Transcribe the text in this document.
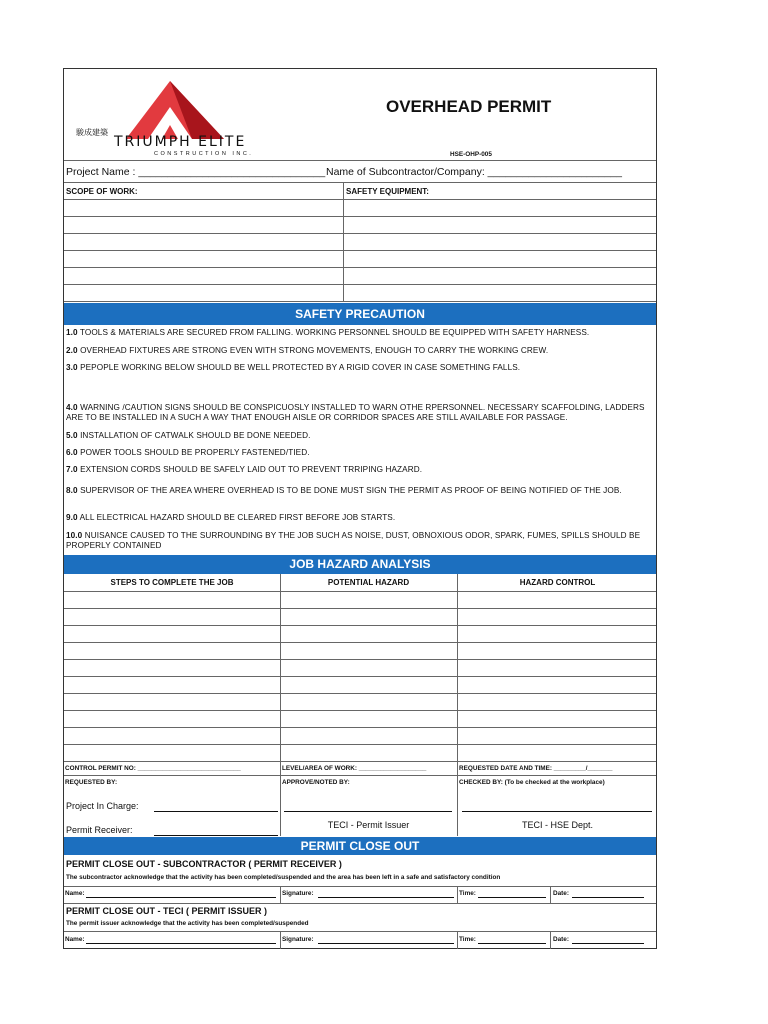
駿成建築
TRIUMPH ELITE
CONSTRUCTION INC.
OVERHEAD PERMIT
HSE-OHP-005
Project Name : ________________________________ Name of Subcontractor/Company: _______________________
SCOPE OF WORK:	SAFETY EQUIPMENT:
SAFETY PRECAUTION
1.0 TOOLS & MATERIALS ARE SECURED FROM FALLING. WORKING PERSONNEL SHOULD BE EQUIPPED WITH SAFETY HARNESS.
2.0 OVERHEAD FIXTURES ARE STRONG EVEN WITH STRONG MOVEMENTS, ENOUGH TO CARRY THE WORKING CREW.
3.0 PEPOPLE WORKING BELOW SHOULD BE WELL PROTECTED BY A RIGID COVER IN CASE SOMETHING FALLS.
4.0 WARNING /CAUTION SIGNS SHOULD BE CONSPICUOSLY INSTALLED TO WARN OTHE RPERSONNEL. NECESSARY SCAFFOLDING, LADDERS ARE TO BE INSTALLED IN A SUCH A WAY THAT ENOUGH AISLE OR CORRIDOR SPACES ARE STILL AVAILABLE FOR PASSAGE.
5.0 INSTALLATION OF CATWALK SHOULD BE DONE NEEDED.
6.0 POWER TOOLS SHOULD BE PROPERLY FASTENED/TIED.
7.0 EXTENSION CORDS SHOULD BE SAFELY LAID OUT TO PREVENT TRRIPING HAZARD.
8.0 SUPERVISOR OF THE AREA WHERE OVERHEAD IS TO BE DONE MUST SIGN THE PERMIT AS PROOF OF BEING NOTIFIED OF THE JOB.
9.0 ALL ELECTRICAL HAZARD SHOULD BE CLEARED FIRST BEFORE JOB STARTS.
10.0 NUISANCE CAUSED TO THE SURROUNDING BY THE JOB SUCH AS NOISE, DUST, OBNOXIOUS ODOR, SPARK, FUMES, SPILLS SHOULD BE PROPERLY CONTAINED
JOB HAZARD ANALYSIS
STEPS TO COMPLETE THE JOB	POTENTIAL HAZARD	HAZARD CONTROL
CONTROL PERMIT NO: _____________________________	LEVEL/AREA OF WORK: ___________________	REQUESTED DATE AND TIME: _________/_______
REQUESTED BY:	APPROVE/NOTED BY:	CHECKED BY: (To be checked at the workplace)
Project In Charge:
Permit Receiver:	TECI - Permit Issuer	TECI - HSE Dept.
PERMIT CLOSE OUT
PERMIT CLOSE OUT - SUBCONTRACTOR ( PERMIT RECEIVER )
The subcontractor acknowledge that the activity has been completed/suspended and the area has been left in a safe and satisfactory condition
Name:	Signature:	Time:	Date:
PERMIT CLOSE OUT - TECI ( PERMIT ISSUER )
The permit issuer acknowledge that the activity has been completed/suspended
Name:	Signature:	Time:	Date:
